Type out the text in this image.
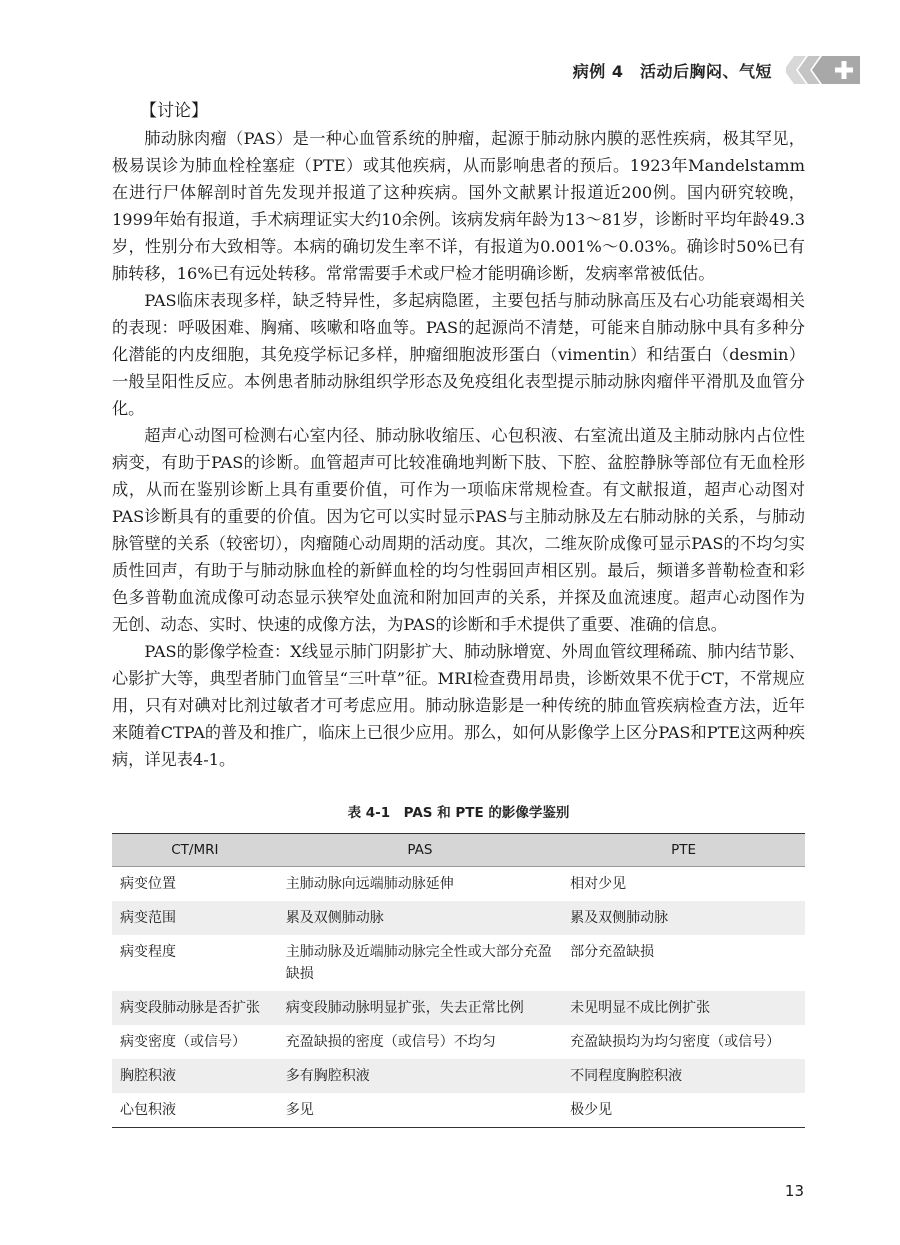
病例 4　活动后胸闷、气短

【讨论】

肺动脉肉瘤（PAS）是一种心血管系统的肿瘤，起源于肺动脉内膜的恶性疾病，极其罕见，极易误诊为肺血栓栓塞症（PTE）或其他疾病，从而影响患者的预后。1923年Mandelstamm在进行尸体解剖时首先发现并报道了这种疾病。国外文献累计报道近200例。国内研究较晚，1999年始有报道，手术病理证实大约10余例。该病发病年龄为13～81岁，诊断时平均年龄49.3岁，性别分布大致相等。本病的确切发生率不详，有报道为0.001%～0.03%。确诊时50%已有肺转移，16%已有远处转移。常常需要手术或尸检才能明确诊断，发病率常被低估。

PAS临床表现多样，缺乏特异性，多起病隐匿，主要包括与肺动脉高压及右心功能衰竭相关的表现：呼吸困难、胸痛、咳嗽和咯血等。PAS的起源尚不清楚，可能来自肺动脉中具有多种分化潜能的内皮细胞，其免疫学标记多样，肿瘤细胞波形蛋白（vimentin）和结蛋白（desmin）一般呈阳性反应。本例患者肺动脉组织学形态及免疫组化表型提示肺动脉肉瘤伴平滑肌及血管分化。

超声心动图可检测右心室内径、肺动脉收缩压、心包积液、右室流出道及主肺动脉内占位性病变，有助于PAS的诊断。血管超声可比较准确地判断下肢、下腔、盆腔静脉等部位有无血栓形成，从而在鉴别诊断上具有重要价值，可作为一项临床常规检查。有文献报道，超声心动图对PAS诊断具有的重要的价值。因为它可以实时显示PAS与主肺动脉及左右肺动脉的关系，与肺动脉管壁的关系（较密切），肉瘤随心动周期的活动度。其次，二维灰阶成像可显示PAS的不均匀实质性回声，有助于与肺动脉血栓的新鲜血栓的均匀性弱回声相区别。最后，频谱多普勒检查和彩色多普勒血流成像可动态显示狭窄处血流和附加回声的关系，并探及血流速度。超声心动图作为无创、动态、实时、快速的成像方法，为PAS的诊断和手术提供了重要、准确的信息。

PAS的影像学检查：X线显示肺门阴影扩大、肺动脉增宽、外周血管纹理稀疏、肺内结节影、心影扩大等，典型者肺门血管呈“三叶草”征。MRI检查费用昂贵，诊断效果不优于CT，不常规应用，只有对碘对比剂过敏者才可考虑应用。肺动脉造影是一种传统的肺血管疾病检查方法，近年来随着CTPA的普及和推广，临床上已很少应用。那么，如何从影像学上区分PAS和PTE这两种疾病，详见表4-1。

表 4-1　PAS 和 PTE 的影像学鉴别
CT/MRI	PAS	PTE
病变位置	主肺动脉向远端肺动脉延伸	相对少见
病变范围	累及双侧肺动脉	累及双侧肺动脉
病变程度	主肺动脉及近端肺动脉完全性或大部分充盈缺损	部分充盈缺损
病变段肺动脉是否扩张	病变段肺动脉明显扩张，失去正常比例	未见明显不成比例扩张
病变密度（或信号）	充盈缺损的密度（或信号）不均匀	充盈缺损均为均匀密度（或信号）
胸腔积液	多有胸腔积液	不同程度胸腔积液
心包积液	多见	极少见
13
